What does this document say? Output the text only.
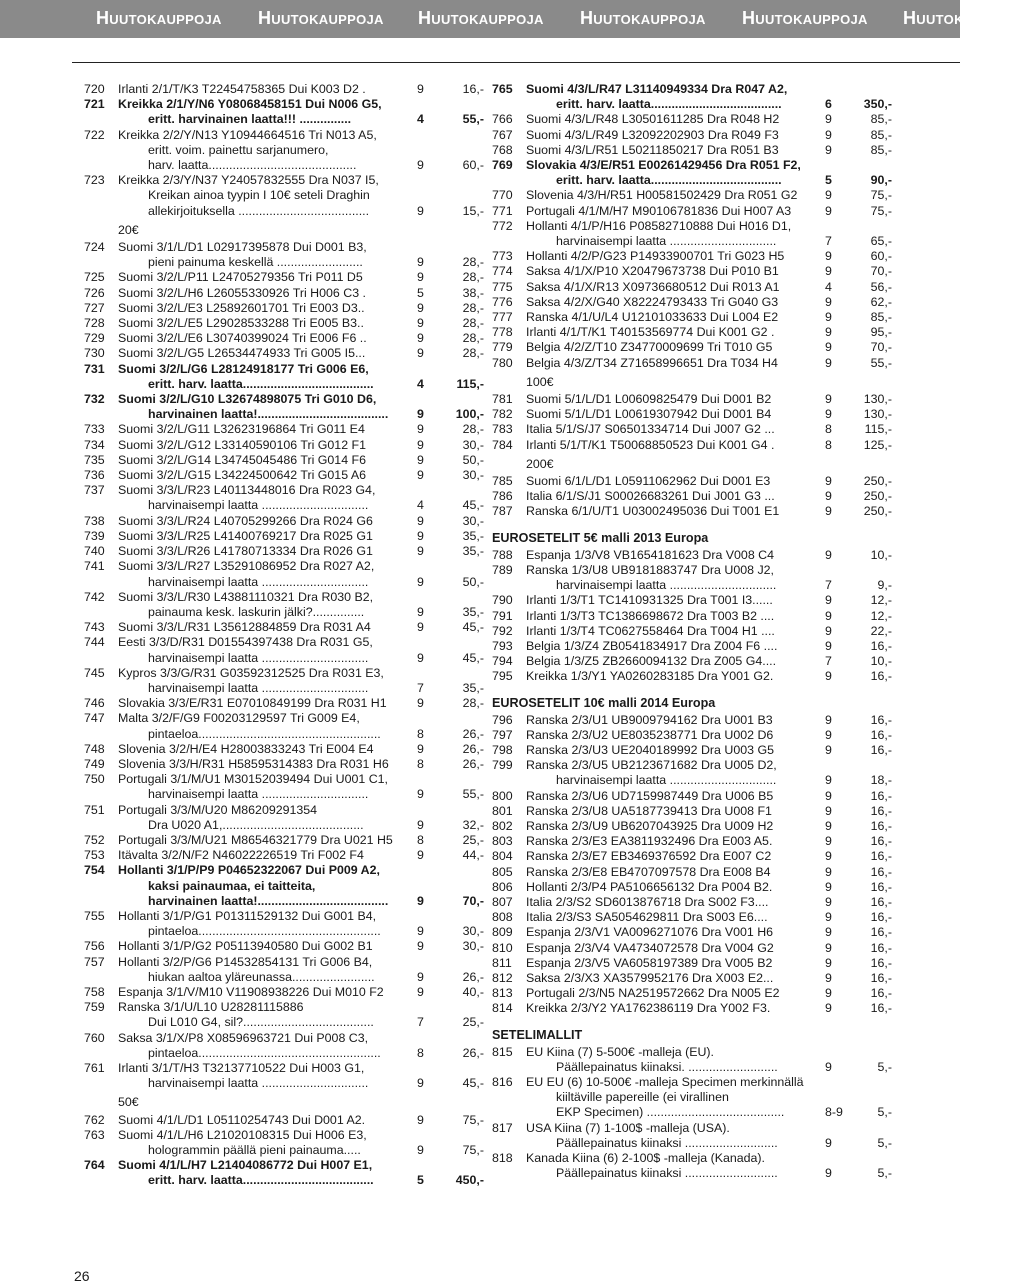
Huutokauppoja Huutokauppoja Huutokauppoja Huutokauppoja Huutokauppoja Huutokauppoja
720	Irlanti 2/1/T/K3 T22454758365 Dui K003 D2 .	9	16,-
721	Kreikka 2/1/Y/N6 Y08068458151 Dui N006 G5,
eritt. harvinainen laatta!!! ...............	4	55,-
722	Kreikka 2/2/Y/N13 Y10944664516 Tri N013 A5,
eritt. voim. painettu sarjanumero,
harv. laatta...........................................	9	60,-
723	Kreikka 2/3/Y/N37 Y24057832555 Dra N037 I5,
Kreikan ainoa tyypin I 10€ seteli Draghin
allekirjoituksella ......................................	9	15,-
20€
724	Suomi 3/1/L/D1 L02917395878 Dui D001 B3,
pieni painuma keskellä .........................	9	28,-
725	Suomi 3/2/L/P11 L24705279356 Tri P011 D5	9	28,-
726	Suomi 3/2/L/H6 L26055330926 Tri H006 C3 .	5	38,-
727	Suomi 3/2/L/E3 L25892601701 Tri E003 D3..	9	28,-
728	Suomi 3/2/L/E5 L29028533288 Tri E005 B3..	9	28,-
729	Suomi 3/2/L/E6 L30740399024 Tri E006 F6 ..	9	28,-
730	Suomi 3/2/L/G5 L26534474933 Tri G005 I5...	9	28,-
731	Suomi 3/2/L/G6 L28124918177 Tri G006 E6,
eritt. harv. laatta......................................	4	115,-
732	Suomi 3/2/L/G10 L32674898075 Tri G010 D6,
harvinainen laatta!......................................	9	100,-
733	Suomi 3/2/L/G11 L32623196864 Tri G011 E4	9	28,-
734	Suomi 3/2/L/G12 L33140590106 Tri G012 F1	9	30,-
735	Suomi 3/2/L/G14 L34745045486 Tri G014 F6	9	50,-
736	Suomi 3/2/L/G15 L34224500642 Tri G015 A6	9	30,-
737	Suomi 3/3/L/R23 L40113448016 Dra R023 G4,
harvinaisempi laatta ...............................	4	45,-
738	Suomi 3/3/L/R24 L40705299266 Dra R024 G6	9	30,-
739	Suomi 3/3/L/R25 L41400769217 Dra R025 G1	9	35,-
740	Suomi 3/3/L/R26 L41780713334 Dra R026 G1	9	35,-
741	Suomi 3/3/L/R27 L35291086952 Dra R027 A2,
harvinaisempi laatta ...............................	9	50,-
742	Suomi 3/3/L/R30 L43881110321 Dra R030 B2,
painauma kesk. laskurin jälki?...............	9	35,-
743	Suomi 3/3/L/R31 L35612884859 Dra R031 A4	9	45,-
744	Eesti 3/3/D/R31 D01554397438 Dra R031 G5,
harvinaisempi laatta ...............................	9	45,-
745	Kypros 3/3/G/R31 G03592312525 Dra R031 E3,
harvinaisempi laatta ...............................	7	35,-
746	Slovakia 3/3/E/R31 E07010849199 Dra R031 H1	9	28,-
747	Malta 3/2/F/G9 F00203129597 Tri G009 E4,
pintaeloa.....................................................	8	26,-
748	Slovenia 3/2/H/E4 H28003833243 Tri E004 E4	9	26,-
749	Slovenia 3/3/H/R31 H58595314383 Dra R031 H6	8	26,-
750	Portugali 3/1/M/U1 M30152039494 Dui U001 C1,
harvinaisempi laatta ...............................	9	55,-
751	Portugali 3/3/M/U20 M86209291354
Dra U020 A1,.........................................	9	32,-
752	Portugali 3/3/M/U21 M86546321779 Dra U021 H5	8	25,-
753	Itävalta 3/2/N/F2 N46022226519 Tri F002 F4	9	44,-
754	Hollanti 3/1/P/P9 P04652322067 Dui P009 A2,
kaksi painaumaa, ei taitteita,
harvinainen laatta!......................................	9	70,-
755	Hollanti 3/1/P/G1 P01311529132 Dui G001 B4,
pintaeloa.....................................................	9	30,-
756	Hollanti 3/1/P/G2 P05113940580 Dui G002 B1	9	30,-
757	Hollanti 3/2/P/G6 P14532854131 Tri G006 B4,
hiukan aaltoa yläreunassa........................	9	26,-
758	Espanja 3/1/V/M10 V11908938226 Dui M010 F2	9	40,-
759	Ranska 3/1/U/L10 U28281115886
Dui L010 G4, sil?......................................	7	25,-
760	Saksa 3/1/X/P8 X08596963721 Dui P008 C3,
pintaeloa.....................................................	8	26,-
761	Irlanti 3/1/T/H3 T32137710522 Dui H003 G1,
harvinaisempi laatta ...............................	9	45,-
50€
762	Suomi 4/1/L/D1 L05110254743 Dui D001 A2.	9	75,-
763	Suomi 4/1/L/H6 L21020108315 Dui H006 E3,
hologrammin päällä pieni painauma.....	9	75,-
764	Suomi 4/1/L/H7 L21404086772 Dui H007 E1,
eritt. harv. laatta......................................	5	450,-
765	Suomi 4/3/L/R47 L31140949334 Dra R047 A2,
eritt. harv. laatta......................................	6	350,-
766	Suomi 4/3/L/R48 L30501611285 Dra R048 H2	9	85,-
767	Suomi 4/3/L/R49 L32092202903 Dra R049 F3	9	85,-
768	Suomi 4/3/L/R51 L50211850217 Dra R051 B3	9	85,-
769	Slovakia 4/3/E/R51 E00261429456 Dra R051 F2,
eritt. harv. laatta......................................	5	90,-
770	Slovenia 4/3/H/R51 H00581502429 Dra R051 G2	9	75,-
771	Portugali 4/1/M/H7 M90106781836 Dui H007 A3	9	75,-
772	Hollanti 4/1/P/H16 P08582710888 Dui H016 D1,
harvinaisempi laatta ...............................	7	65,-
773	Hollanti 4/2/P/G23 P14933900701 Tri G023 H5	9	60,-
774	Saksa 4/1/X/P10 X20479673738 Dui P010 B1	9	70,-
775	Saksa 4/1/X/R13 X09736680512 Dui R013 A1	4	56,-
776	Saksa 4/2/X/G40 X82224793433 Tri G040 G3	9	62,-
777	Ranska 4/1/U/L4 U12101033633 Dui L004 E2	9	85,-
778	Irlanti 4/1/T/K1 T40153569774 Dui K001 G2 .	9	95,-
779	Belgia 4/2/Z/T10 Z34770009699 Tri T010 G5	9	70,-
780	Belgia 4/3/Z/T34 Z71658996651 Dra T034 H4	9	55,-
100€
781	Suomi 5/1/L/D1 L00609825479 Dui D001 B2	9	130,-
782	Suomi 5/1/L/D1 L00619307942 Dui D001 B4	9	130,-
783	Italia 5/1/S/J7 S06501334714 Dui J007 G2 ...	8	115,-
784	Irlanti 5/1/T/K1 T50068850523 Dui K001 G4 .	8	125,-
200€
785	Suomi 6/1/L/D1 L05911062962 Dui D001 E3	9	250,-
786	Italia 6/1/S/J1 S00026683261 Dui J001 G3 ...	9	250,-
787	Ranska 6/1/U/T1 U03002495036 Dui T001 E1	9	250,-
EUROSETELIT 5€ malli 2013 Europa
788	Espanja 1/3/V8 VB1654181623 Dra V008 C4	9	10,-
789	Ranska 1/3/U8 UB9181883747 Dra U008 J2,
harvinaisempi laatta ...............................	7	9,-
790	Irlanti 1/3/T1 TC1410931325 Dra T001 I3......	9	12,-
791	Irlanti 1/3/T3 TC1386698672 Dra T003 B2 ....	9	12,-
792	Irlanti 1/3/T4 TC0627558464 Dra T004 H1 ....	9	22,-
793	Belgia 1/3/Z4 ZB0541834917 Dra Z004 F6 ....	9	16,-
794	Belgia 1/3/Z5 ZB2660094132 Dra Z005 G4....	7	10,-
795	Kreikka 1/3/Y1 YA0260283185 Dra Y001 G2.	9	16,-
EUROSETELIT 10€ malli 2014 Europa
796	Ranska 2/3/U1 UB9009794162 Dra U001 B3	9	16,-
797	Ranska 2/3/U2 UE8035238771 Dra U002 D6	9	16,-
798	Ranska 2/3/U3 UE2040189992 Dra U003 G5	9	16,-
799	Ranska 2/3/U5 UB2123671682 Dra U005 D2,
harvinaisempi laatta ...............................	9	18,-
800	Ranska 2/3/U6 UD7159987449 Dra U006 B5	9	16,-
801	Ranska 2/3/U8 UA5187739413 Dra U008 F1	9	16,-
802	Ranska 2/3/U9 UB6207043925 Dra U009 H2	9	16,-
803	Ranska 2/3/E3 EA3811932496 Dra E003 A5.	9	16,-
804	Ranska 2/3/E7 EB3469376592 Dra E007 C2	9	16,-
805	Ranska 2/3/E8 EB4707097578 Dra E008 B4	9	16,-
806	Hollanti 2/3/P4 PA5106656132 Dra P004 B2.	9	16,-
807	Italia 2/3/S2 SD6013876718 Dra S002 F3....	9	16,-
808	Italia 2/3/S3 SA5054629811 Dra S003 E6....	9	16,-
809	Espanja 2/3/V1 VA0096271076 Dra V001 H6	9	16,-
810	Espanja 2/3/V4 VA4734072578 Dra V004 G2	9	16,-
811	Espanja 2/3/V5 VA6058197389 Dra V005 B2	9	16,-
812	Saksa 2/3/X3 XA3579952176 Dra X003 E2...	9	16,-
813	Portugali 2/3/N5 NA2519572662 Dra N005 E2	9	16,-
814	Kreikka 2/3/Y2 YA1762386119 Dra Y002 F3.	9	16,-
SETELIMALLIT
815	EU Kiina (7) 5-500€ -malleja (EU).
Päällepainatus kiinaksi. ..........................	9	5,-
816	EU EU (6) 10-500€ -malleja Specimen merkinnällä
kiiltäville papereille (ei virallinen
EKP Specimen) ........................................	8-9	5,-
817	USA Kiina (7) 1-100$ -malleja (USA).
Päällepainatus kiinaksi ...........................	9	5,-
818	Kanada Kiina (6) 2-100$ -malleja (Kanada).
Päällepainatus kiinaksi ...........................	9	5,-
26
